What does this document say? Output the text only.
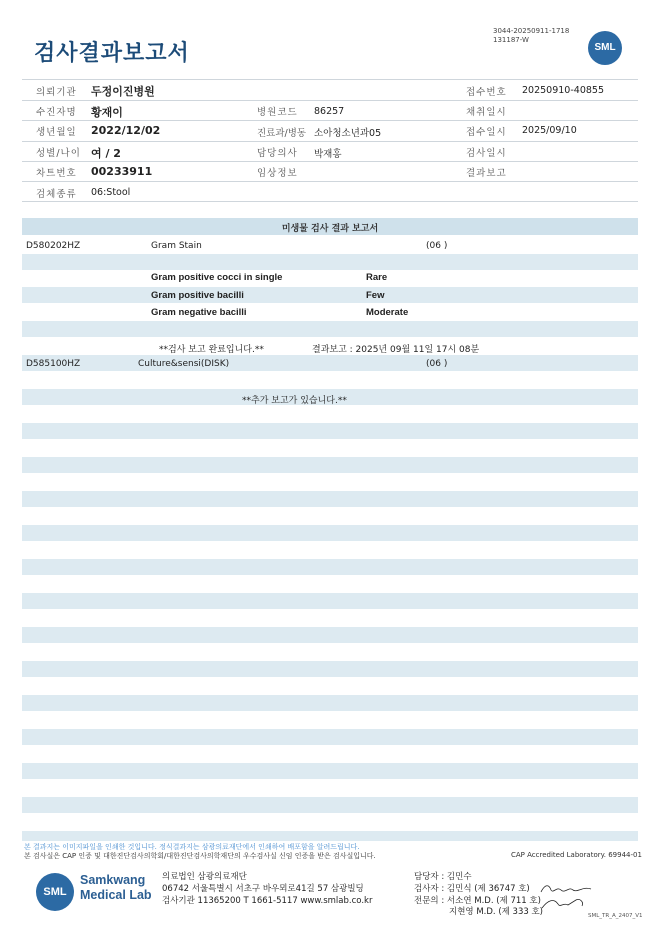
검사결과보고서
3044-20250911-1718
131187-W
SML
의뢰기관 두정이진병원	접수번호 20250910-40855
수진자명 황재이	병원코드 86257	채취일시
생년월일 2022/12/02	진료과/병동 소아청소년과05	접수일시 2025/09/10
성별/나이 여 / 2	담당의사 박재홍	검사일시
차트번호 00233911	임상정보	결과보고
검체종류 06:Stool
미생물 검사 결과 보고서
D580202HZ	Gram Stain	(06 )
Gram positive cocci in single	Rare
Gram positive bacilli	Few
Gram negative bacilli	Moderate
**검사 보고 완료입니다.**	결과보고 : 2025년 09월 11일 17시 08분
D585100HZ	Culture&sensi(DISK)	(06 )
**추가 보고가 있습니다.**
본 결과지는 이미지파일을 인쇄한 것입니다. 정식결과지는 삼광의료재단에서 인쇄하여 배포함을 알려드립니다.
본 검사실은 CAP 인증 및 대한진단검사의학회/대한진단검사의학재단의 우수검사실 신임 인증을 받은 검사실입니다.	CAP Accredited Laboratory. 69944-01
SML
Samkwang
Medical Lab
의료법인 삼광의료재단
06742 서울특별시 서초구 바우뫼로41길 57 삼광빌딩
검사기관 11365200 T 1661-5117 www.smlab.co.kr
담당자 : 김민수
검사자 : 김민식 (제 36747 호)
전문의 : 서소연 M.D. (제 711 호)
지현영 M.D. (제 333 호)	SML_TR_A_2407_V1
